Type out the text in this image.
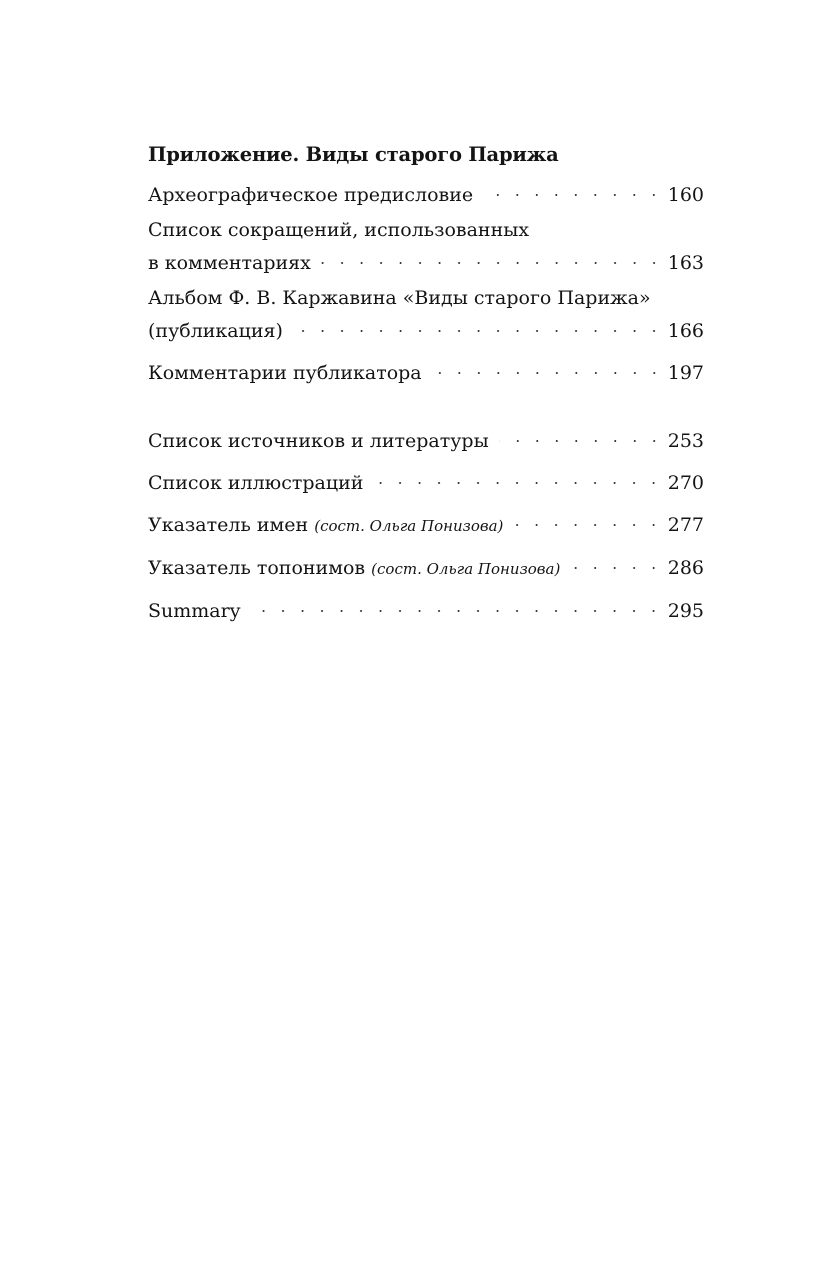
Приложение. Виды старого Парижа
Археографическое предисловие	160
Список сокращений, использованных
в комментариях	163
Альбом Ф. В. Каржавина «Виды старого Парижа»
(публикация)	166
Комментарии публикатора	197
Список источников и литературы	253
Список иллюстраций	270
Указатель имен (сост. Ольга Понизова)	277
Указатель топонимов (сост. Ольга Понизова)	286
Summary	295
